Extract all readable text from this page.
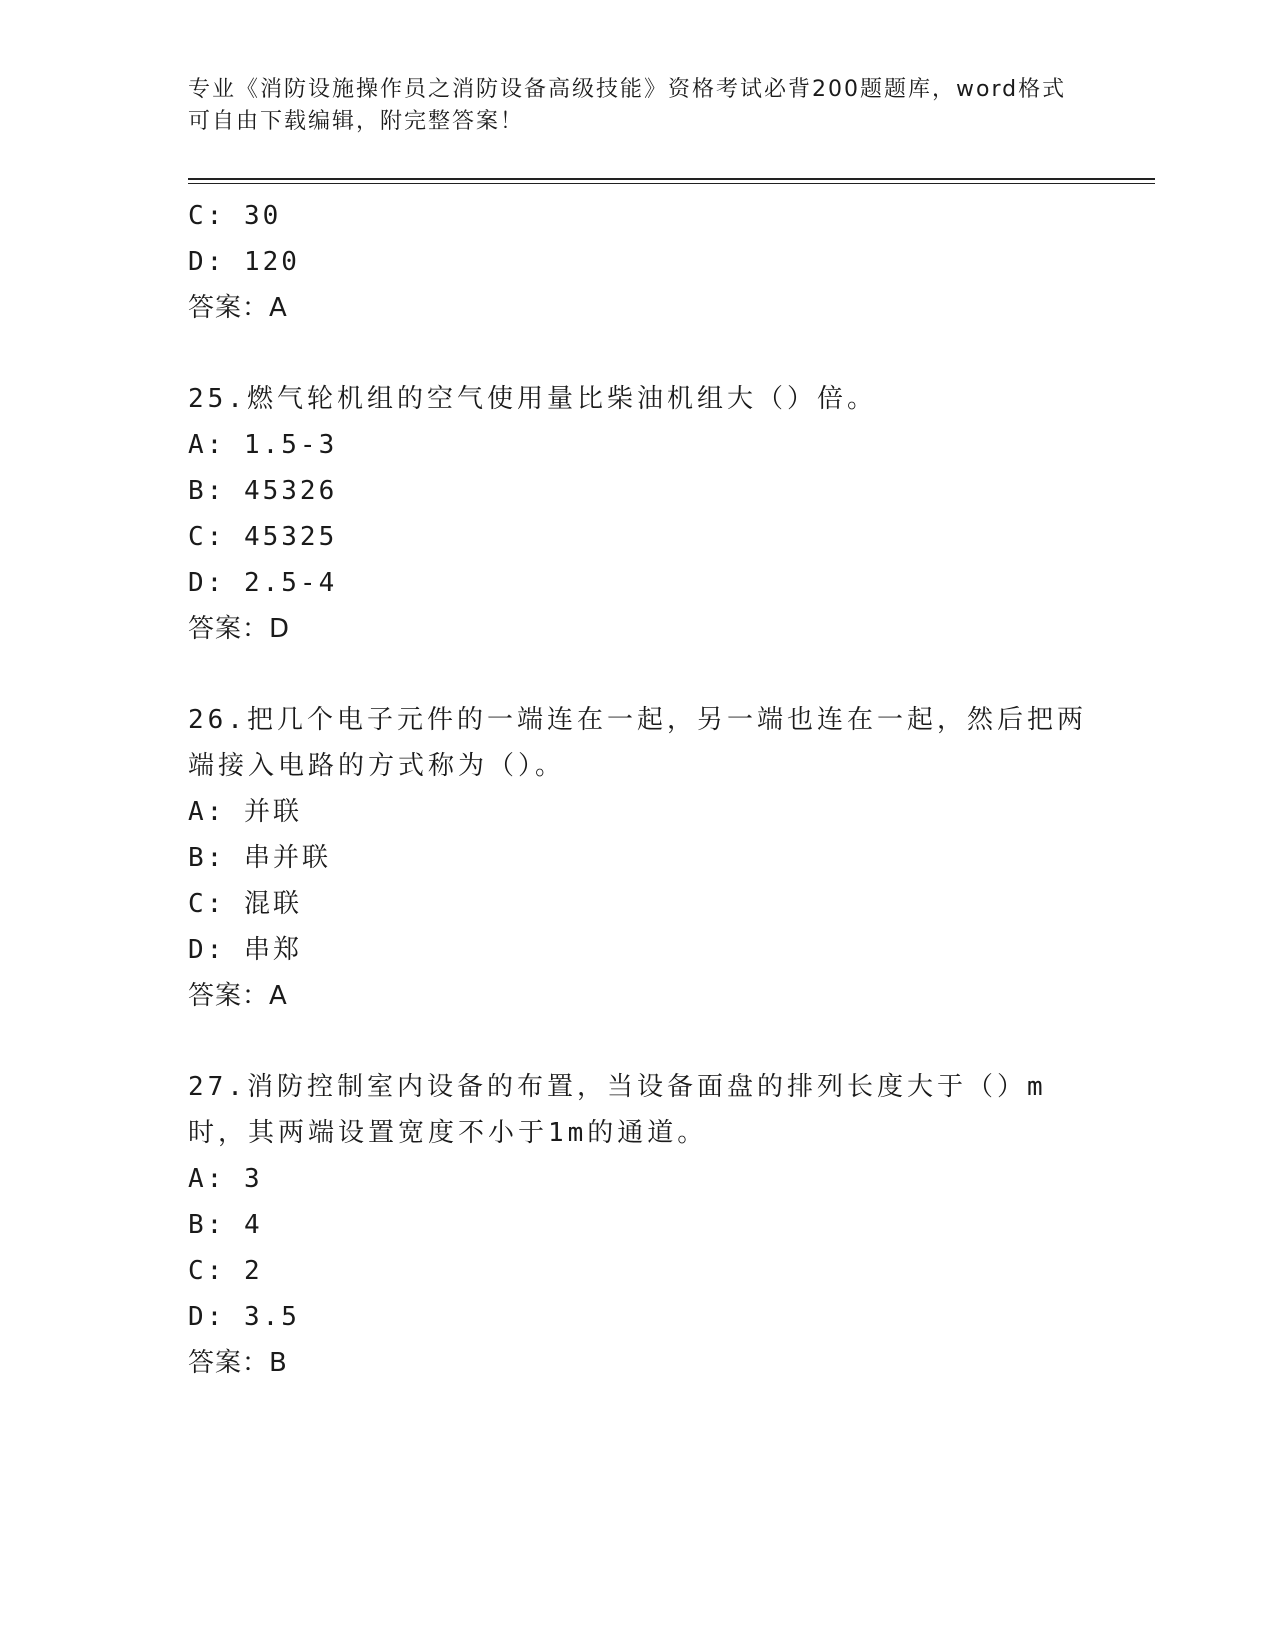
专业《消防设施操作员之消防设备高级技能》资格考试必背200题题库，word格式可自由下载编辑，附完整答案！
C: 30
D: 120
答案：A
25.燃气轮机组的空气使用量比柴油机组大（）倍。
A: 1.5-3
B: 45326
C: 45325
D: 2.5-4
答案：D
26.把几个电子元件的一端连在一起，另一端也连在一起，然后把两端接入电路的方式称为（）。
A: 并联
B: 串并联
C: 混联
D: 串郑
答案：A
27.消防控制室内设备的布置，当设备面盘的排列长度大于（）m时，其两端设置宽度不小于1m的通道。
A: 3
B: 4
C: 2
D: 3.5
答案：B
